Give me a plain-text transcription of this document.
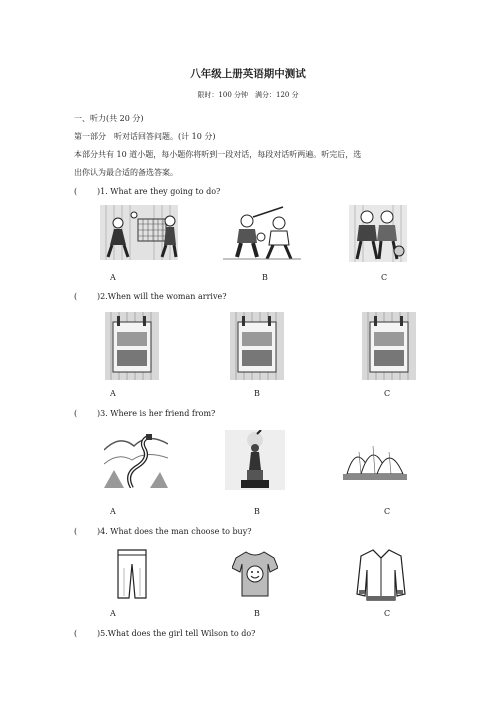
八年级上册英语期中测试
限时：100 分钟　满分：120 分
一、听力(共 20 分)
第一部分　听对话回答问题。(计 10 分)
本部分共有 10 道小题，每小题你将听到一段对话，每段对话听两遍。听完后，选
出你认为最合适的备选答案。
( )1. What are they going to do?
A	B	C
( )2.When will the woman arrive?
A	B	C
( )3. Where is her friend from?
A	B	C
( )4. What does the man choose to buy?
A	B	C
( )5.What does the girl tell Wilson to do?
